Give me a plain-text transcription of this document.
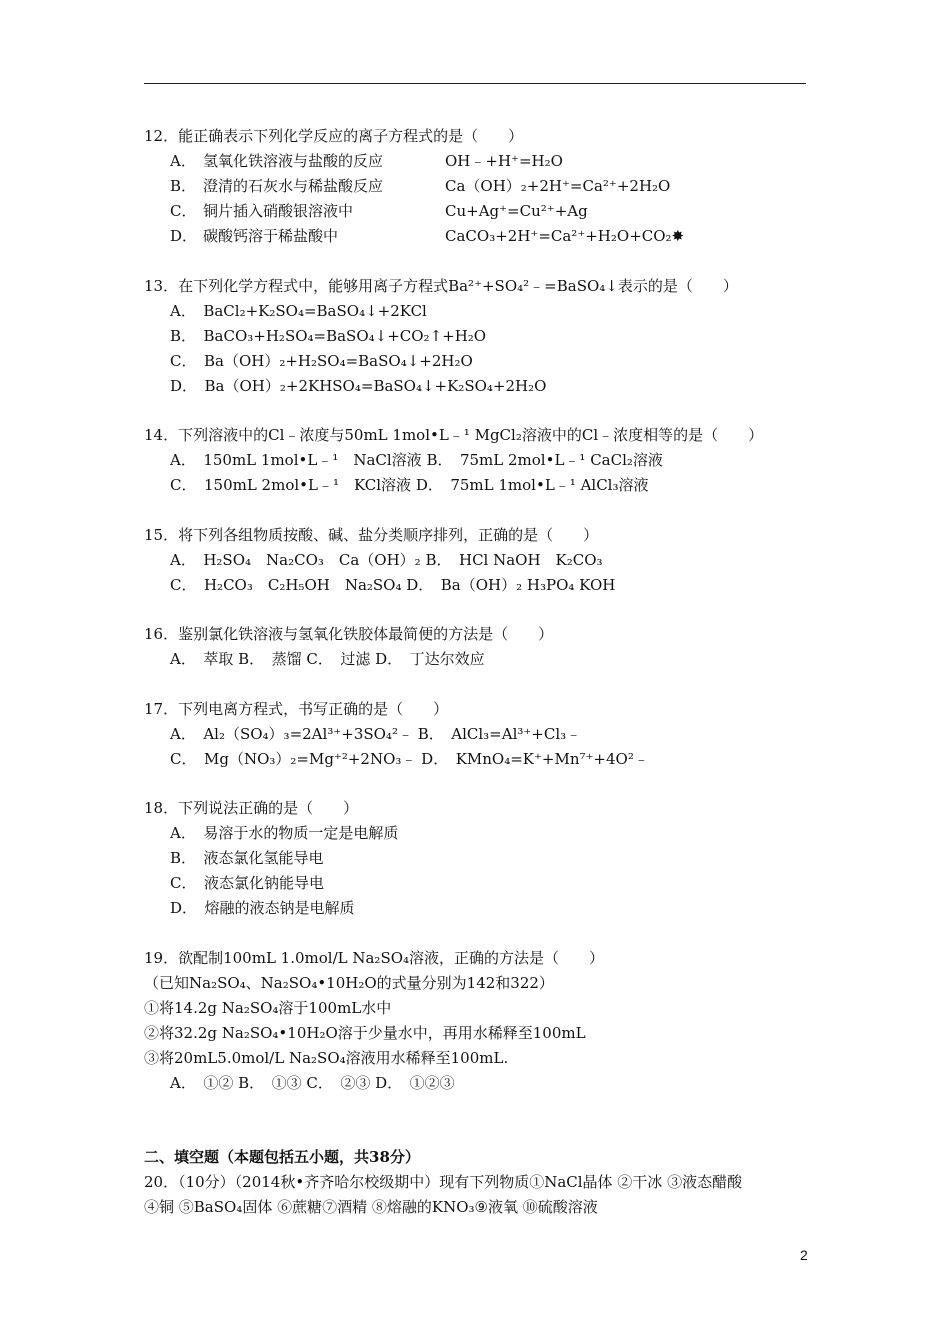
12．能正确表示下列化学反应的离子方程式的是（　　）
A． 氢氧化铁溶液与盐酸的反应	OH﹣+H⁺=H₂O
B． 澄清的石灰水与稀盐酸反应	Ca（OH）₂+2H⁺=Ca²⁺+2H₂O
C． 铜片插入硝酸银溶液中	Cu+Ag⁺=Cu²⁺+Ag
D． 碳酸钙溶于稀盐酸中	CaCO₃+2H⁺=Ca²⁺+H₂O+CO₂✸
13．在下列化学方程式中，能够用离子方程式Ba²⁺+SO₄²﹣=BaSO₄↓表示的是（　　）
A．　BaCl₂+K₂SO₄=BaSO₄↓+2KCl
B．　BaCO₃+H₂SO₄=BaSO₄↓+CO₂↑+H₂O
C．　Ba（OH）₂+H₂SO₄=BaSO₄↓+2H₂O
D．　Ba（OH）₂+2KHSO₄=BaSO₄↓+K₂SO₄+2H₂O
14．下列溶液中的Cl﹣浓度与50mL 1mol•L﹣¹ MgCl₂溶液中的Cl﹣浓度相等的是（　　）
A．　150mL 1mol•L﹣¹　NaCl溶液 B．　75mL 2mol•L﹣¹ CaCl₂溶液
C．　150mL 2mol•L﹣¹　KCl溶液 D．　75mL 1mol•L﹣¹ AlCl₃溶液
15．将下列各组物质按酸、碱、盐分类顺序排列，正确的是（　　）
A．　H₂SO₄　Na₂CO₃　Ca（OH）₂ B．　HCl NaOH　K₂CO₃
C．　H₂CO₃　C₂H₅OH　Na₂SO₄ D．　Ba（OH）₂ H₃PO₄ KOH
16．鉴别氯化铁溶液与氢氧化铁胶体最简便的方法是（　　）
A．　萃取 B．　蒸馏 C．　过滤 D．　丁达尔效应
17．下列电离方程式，书写正确的是（　　）
A．　Al₂（SO₄）₃=2Al³⁺+3SO₄²﹣ B．　AlCl₃=Al³⁺+Cl₃﹣
C．　Mg（NO₃）₂=Mg⁺²+2NO₃﹣ D．　KMnO₄=K⁺+Mn⁷⁺+4O²﹣
18．下列说法正确的是（　　）
A．　易溶于水的物质一定是电解质
B．　液态氯化氢能导电
C．　液态氯化钠能导电
D．　熔融的液态钠是电解质
19．欲配制100mL 1.0mol/L Na₂SO₄溶液，正确的方法是（　　）
（已知Na₂SO₄、Na₂SO₄•10H₂O的式量分别为142和322）
①将14.2g Na₂SO₄溶于100mL水中
②将32.2g Na₂SO₄•10H₂O溶于少量水中，再用水稀释至100mL
③将20mL5.0mol/L Na₂SO₄溶液用水稀释至100mL.
A．　①② B．　①③ C．　②③ D．　①②③
二、填空题（本题包括五小题，共38分）
20．（10分）（2014秋•齐齐哈尔校级期中）现有下列物质①NaCl晶体 ②干冰 ③液态醋酸
④铜 ⑤BaSO₄固体 ⑥蔗糖⑦酒精 ⑧熔融的KNO₃⑨液氧 ⑩硫酸溶液
2
